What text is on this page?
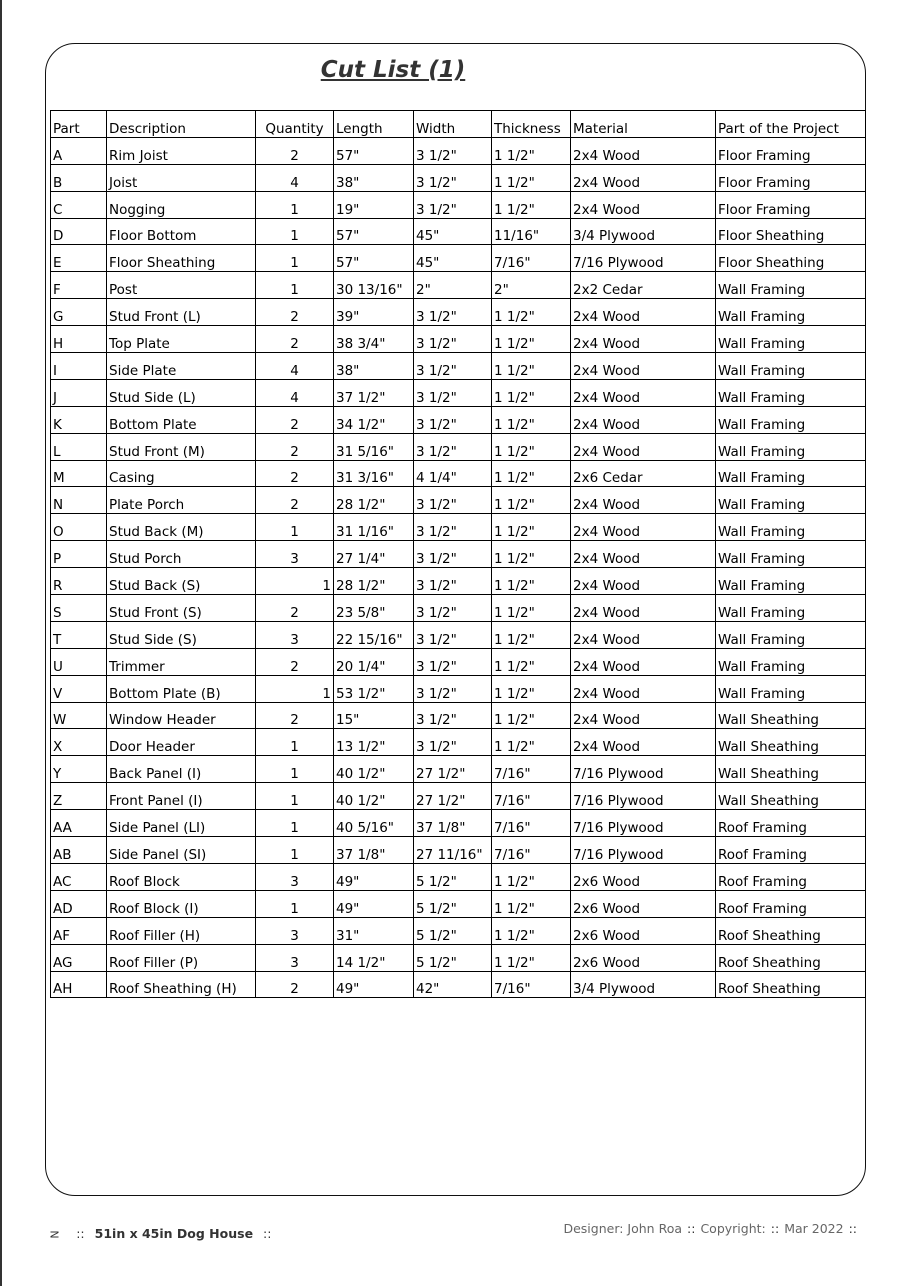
Cut List (1)
Part	Description	Quantity	Length	Width	Thickness	Material	Part of the Project
A	Rim Joist	2	57"	3 1/2"	1 1/2"	2x4 Wood	Floor Framing
B	Joist	4	38"	3 1/2"	1 1/2"	2x4 Wood	Floor Framing
C	Nogging	1	19"	3 1/2"	1 1/2"	2x4 Wood	Floor Framing
D	Floor Bottom	1	57"	45"	11/16"	3/4 Plywood	Floor Sheathing
E	Floor Sheathing	1	57"	45"	7/16"	7/16 Plywood	Floor Sheathing
F	Post	1	30 13/16"	2"	2"	2x2 Cedar	Wall Framing
G	Stud Front (L)	2	39"	3 1/2"	1 1/2"	2x4 Wood	Wall Framing
H	Top Plate	2	38 3/4"	3 1/2"	1 1/2"	2x4 Wood	Wall Framing
I	Side Plate	4	38"	3 1/2"	1 1/2"	2x4 Wood	Wall Framing
J	Stud Side (L)	4	37 1/2"	3 1/2"	1 1/2"	2x4 Wood	Wall Framing
K	Bottom Plate	2	34 1/2"	3 1/2"	1 1/2"	2x4 Wood	Wall Framing
L	Stud Front (M)	2	31 5/16"	3 1/2"	1 1/2"	2x4 Wood	Wall Framing
M	Casing	2	31 3/16"	4 1/4"	1 1/2"	2x6 Cedar	Wall Framing
N	Plate Porch	2	28 1/2"	3 1/2"	1 1/2"	2x4 Wood	Wall Framing
O	Stud Back (M)	1	31 1/16"	3 1/2"	1 1/2"	2x4 Wood	Wall Framing
P	Stud Porch	3	27 1/4"	3 1/2"	1 1/2"	2x4 Wood	Wall Framing
R	Stud Back (S)	1	28 1/2"	3 1/2"	1 1/2"	2x4 Wood	Wall Framing
S	Stud Front (S)	2	23 5/8"	3 1/2"	1 1/2"	2x4 Wood	Wall Framing
T	Stud Side (S)	3	22 15/16"	3 1/2"	1 1/2"	2x4 Wood	Wall Framing
U	Trimmer	2	20 1/4"	3 1/2"	1 1/2"	2x4 Wood	Wall Framing
V	Bottom Plate (B)	1	53 1/2"	3 1/2"	1 1/2"	2x4 Wood	Wall Framing
W	Window Header	2	15"	3 1/2"	1 1/2"	2x4 Wood	Wall Sheathing
X	Door Header	1	13 1/2"	3 1/2"	1 1/2"	2x4 Wood	Wall Sheathing
Y	Back Panel (I)	1	40 1/2"	27 1/2"	7/16"	7/16 Plywood	Wall Sheathing
Z	Front Panel (I)	1	40 1/2"	27 1/2"	7/16"	7/16 Plywood	Wall Sheathing
AA	Side Panel (LI)	1	40 5/16"	37 1/8"	7/16"	7/16 Plywood	Roof Framing
AB	Side Panel (SI)	1	37 1/8"	27 11/16"	7/16"	7/16 Plywood	Roof Framing
AC	Roof Block	3	49"	5 1/2"	1 1/2"	2x6 Wood	Roof Framing
AD	Roof Block (I)	1	49"	5 1/2"	1 1/2"	2x6 Wood	Roof Framing
AF	Roof Filler (H)	3	31"	5 1/2"	1 1/2"	2x6 Wood	Roof Sheathing
AG	Roof Filler (P)	3	14 1/2"	5 1/2"	1 1/2"	2x6 Wood	Roof Sheathing
AH	Roof Sheathing (H)	2	49"	42"	7/16"	3/4 Plywood	Roof Sheathing
N :: 51in x 45in Dog House ::	Designer: John Roa :: Copyright: :: Mar 2022 ::
